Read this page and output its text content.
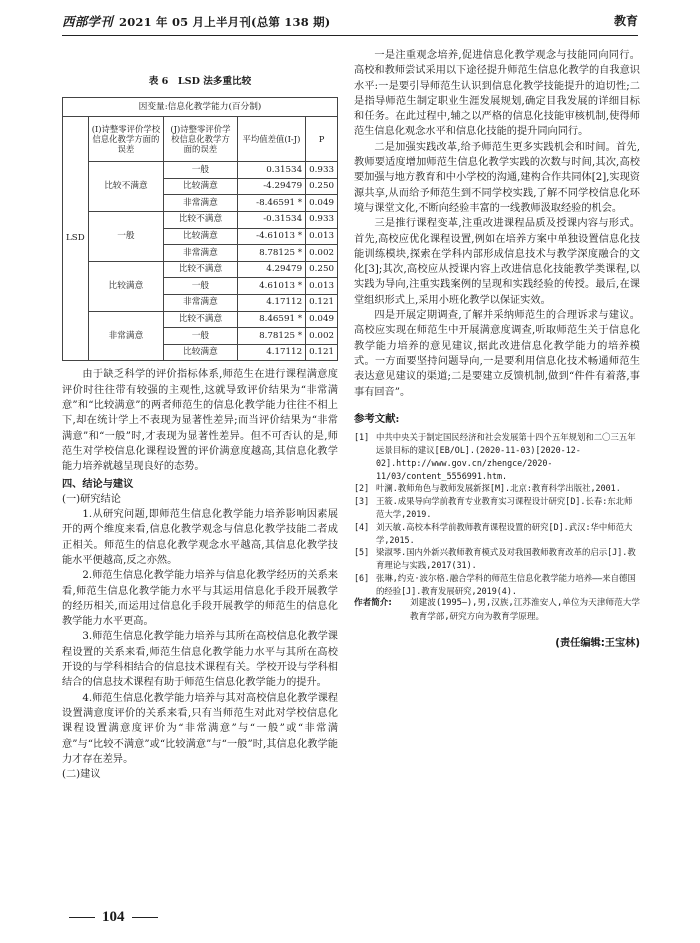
西部学刊 2021 年 05 月上半月刊(总第 138 期)	教育
表 6　LSD 法多重比较
因变量:信息化教学能力(百分制)				
LSD	(I)诗整零评价学校信息化教学方面的误差	(J)诗整零评价学校信息化教学方面的误差	平均值差值(I-J)	P
	比较不满意	一般	0.31534	0.933
		比较满意	-4.29479	0.250
		非常满意	-8.46591 *	0.049
	一般	比较不满意	-0.31534	0.933
		比较满意	-4.61013 *	0.013
		非常满意	8.78125 *	0.002
	比较满意	比较不满意	4.29479	0.250
		一般	4.61013 *	0.013
		非常满意	4.17112	0.121
	非常满意	比较不满意	8.46591 *	0.049
		一般	8.78125 *	0.002
		比较满意	4.17112	0.121

由于缺乏科学的评价指标体系,师范生在进行课程满意度评价时往往带有较强的主观性,这就导致评价结果为“非常满意”和“比较满意”的两者师范生的信息化教学能力往往不相上下,却在统计学上不表现为显著性差异;而当评价结果为“非常满意”和“一般”时,才表现为显著性差异。但不可否认的是,师范生对学校信息化课程设置的评价满意度越高,其信息化教学能力培养就越呈现良好的态势。

四、结论与建议

(一)研究结论

1.从研究问题,即师范生信息化教学能力培养影响因素展开的两个维度来看,信息化教学观念与信息化教学技能二者成正相关。师范生的信息化教学观念水平越高,其信息化教学技能水平便越高,反之亦然。

2.师范生信息化教学能力培养与信息化教学经历的关系来看,师范生信息化教学能力水平与其运用信息化手段开展教学的经历相关,而运用过信息化手段开展教学的师范生的信息化教学能力水平更高。

3.师范生信息化教学能力培养与其所在高校信息化教学课程设置的关系来看,师范生信息化教学能力水平与其所在高校开设的与学科相结合的信息技术课程有关。学校开设与学科相结合的信息技术课程有助于师范生信息化教学能力的提升。

4.师范生信息化教学能力培养与其对高校信息化教学课程设置满意度评价的关系来看,只有当师范生对此对学校信息化课程设置满意度评价为“非常满意”与“一般”或“非常满意”与“比较不满意”或“比较满意”与“一般”时,其信息化教学能力才存在差异。

(二)建议

一是注重观念培养,促进信息化教学观念与技能同向同行。高校和教师尝试采用以下途径提升师范生信息化教学的自我意识水平:一是要引导师范生认识到信息化教学技能提升的迫切性;二是指导师范生制定职业生涯发展规划,确定目我发展的详细目标和任务。在此过程中,辅之以严格的信息化技能审核机制,使得师范生信息化观念水平和信息化技能的提升同向同行。

二是加强实践改革,给予师范生更多实践机会和时间。首先,教师要适度增加师范生信息化教学实践的次数与时间,其次,高校要加强与地方教育和中小学校的沟通,建构合作共同体[2],实现资源共享,从而给予师范生到不同学校实践,了解不同学校信息化环境与课堂文化,不断向经验丰富的一线教师汲取经验的机会。

三是推行课程变革,注重改进课程品质及授课内容与形式。首先,高校应优化课程设置,例如在培养方案中单独设置信息化技能训练模块,探索在学科内部形成信息技术与教学深度融合的文化[3];其次,高校应从授课内容上改进信息化技能教学类课程,以实践为导向,注重实践案例的呈现和实践经验的传授。最后,在课堂组织形式上,采用小班化教学以保证实效。

四是开展定期调查,了解并采纳师范生的合理诉求与建议。高校应实现在师范生中开展满意度调查,听取师范生关于信息化教学能力培养的意见建议,据此改进信息化教学能力的培养模式。一方面要坚持问题导向,一是要利用信息化技术畅通师范生表达意见建议的渠道;二是要建立反馈机制,做到“件件有着落,事事有回音”。

参考文献:

[1] 中共中央关于制定国民经济和社会发展第十四个五年规划和二〇三五年远景目标的建议[EB/OL].(2020-11-03)[2020-12-02].http://www.gov.cn/zhengce/2020-11/03/content_5556991.htm.

[2] 叶澜.教师角色与教师发展新探[M].北京:教育科学出版社,2001.

[3] 王筱.成果导向学前教育专业教育实习课程设计研究[D].长春:东北师范大学,2019.

[4] 刘天敏.高校本科学前教师教育课程设置的研究[D].武汉:华中师范大学,2015.

[5] 梁淑琴.国内外新兴教师教育模式及对我国教师教育改革的启示[J].教育理论与实践,2017(31).

[6] 张琳,约克·波尔格.融合学科的师范生信息化教学能力培养——来自德国的经验[J].教育发展研究,2019(4).

作者简介: 刘建波(1995—),男,汉族,江苏淮安人,单位为天津师范大学教育学部,研究方向为教育学原理。

(责任编辑:王宝林)
104
